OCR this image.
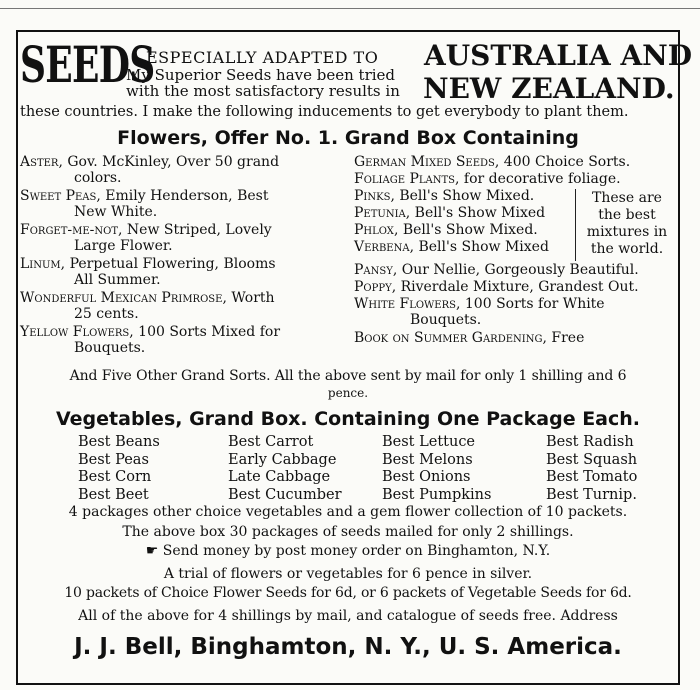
SEEDS
ESPECIALLY ADAPTED TO
My Superior Seeds have been tried
with the most satisfactory results in
AUSTRALIA AND
NEW ZEALAND.
these countries. I make the following inducements to get everybody to plant them.
Flowers, Offer No. 1. Grand Box Containing
Aster, Gov. McKinley, Over 50 grand
colors.
Sweet Peas, Emily Henderson, Best
New White.
Forget-me-not, New Striped, Lovely
Large Flower.
Linum, Perpetual Flowering, Blooms
All Summer.
Wonderful Mexican Primrose, Worth
25 cents.
Yellow Flowers, 100 Sorts Mixed for
Bouquets.
German Mixed Seeds, 400 Choice Sorts.
Foliage Plants, for decorative foliage.
Pinks, Bell's Show Mixed.
Petunia, Bell's Show Mixed
Phlox, Bell's Show Mixed.
Verbena, Bell's Show Mixed
Pansy, Our Nellie, Gorgeously Beautiful.
Poppy, Riverdale Mixture, Grandest Out.
White Flowers, 100 Sorts for White
Bouquets.
Book on Summer Gardening, Free
These are
the best
mixtures in
the world.
And Five Other Grand Sorts. All the above sent by mail for only 1 shilling and 6
pence.
Vegetables, Grand Box. Containing One Package Each.
Best Beans
Best Peas
Best Corn
Best Beet
Best Carrot
Early Cabbage
Late Cabbage
Best Cucumber
Best Lettuce
Best Melons
Best Onions
Best Pumpkins
Best Radish
Best Squash
Best Tomato
Best Turnip.
4 packages other choice vegetables and a gem flower collection of 10 packets.
The above box 30 packages of seeds mailed for only 2 shillings.
☛ Send money by post money order on Binghamton, N.Y.
A trial of flowers or vegetables for 6 pence in silver.
10 packets of Choice Flower Seeds for 6d, or 6 packets of Vegetable Seeds for 6d.
All of the above for 4 shillings by mail, and catalogue of seeds free. Address
J. J. Bell, Binghamton, N. Y., U. S. America.
